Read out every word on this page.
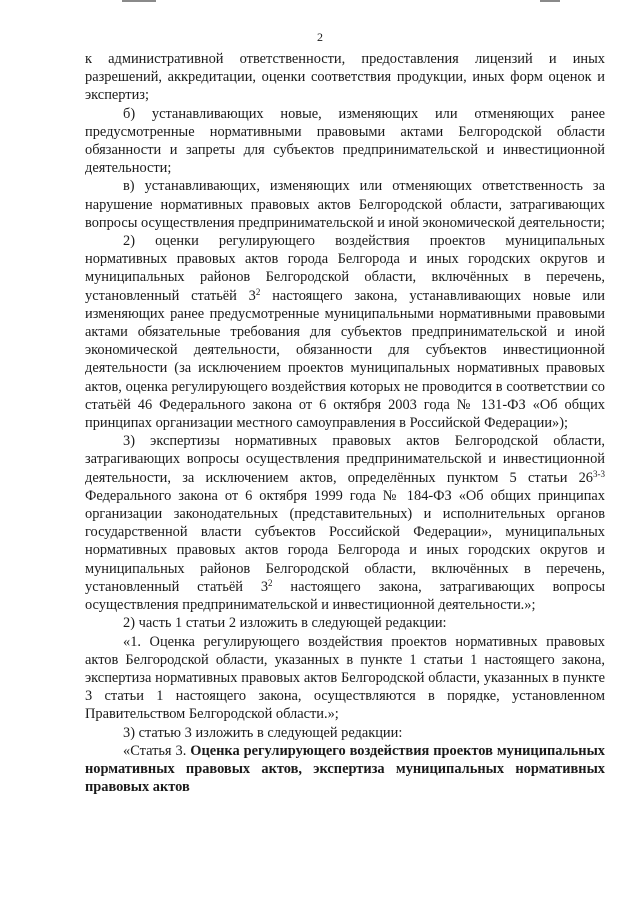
2

к административной ответственности, предоставления лицензий и иных разрешений, аккредитации, оценки соответствия продукции, иных форм оценок и экспертиз;

б) устанавливающих новые, изменяющих или отменяющих ранее предусмотренные нормативными правовыми актами Белгородской области обязанности и запреты для субъектов предпринимательской и инвестиционной деятельности;

в) устанавливающих, изменяющих или отменяющих ответственность за нарушение нормативных правовых актов Белгородской области, затрагивающих вопросы осуществления предпринимательской и иной экономической деятельности;

2) оценки регулирующего воздействия проектов муниципальных нормативных правовых актов города Белгорода и иных городских округов и муниципальных районов Белгородской области, включённых в перечень, установленный статьёй $3^2$ настоящего закона, устанавливающих новые или изменяющих ранее предусмотренные муниципальными нормативными правовыми актами обязательные требования для субъектов предпринимательской и иной экономической деятельности, обязанности для субъектов инвестиционной деятельности (за исключением проектов муниципальных нормативных правовых актов, оценка регулирующего воздействия которых не проводится в соответствии со статьёй 46 Федерального закона от 6 октября 2003 года № 131-ФЗ «Об общих принципах организации местного самоуправления в Российской Федерации»);

3) экспертизы нормативных правовых актов Белгородской области, затрагивающих вопросы осуществления предпринимательской и инвестиционной деятельности, за исключением актов, определённых пунктом 5 статьи 26$^{3-3}$ Федерального закона от 6 октября 1999 года № 184-ФЗ «Об общих принципах организации законодательных (представительных) и исполнительных органов государственной власти субъектов Российской Федерации», муниципальных нормативных правовых актов города Белгорода и иных городских округов и муниципальных районов Белгородской области, включённых в перечень, установленный статьёй $3^2$ настоящего закона, затрагивающих вопросы осуществления предпринимательской и инвестиционной деятельности.»;

2) часть 1 статьи 2 изложить в следующей редакции:

«1. Оценка регулирующего воздействия проектов нормативных правовых актов Белгородской области, указанных в пункте 1 статьи 1 настоящего закона, экспертиза нормативных правовых актов Белгородской области, указанных в пункте 3 статьи 1 настоящего закона, осуществляются в порядке, установленном Правительством Белгородской области.»;

3) статью 3 изложить в следующей редакции:

«Статья 3. Оценка регулирующего воздействия проектов муниципальных нормативных правовых актов, экспертиза муниципальных нормативных правовых актов
